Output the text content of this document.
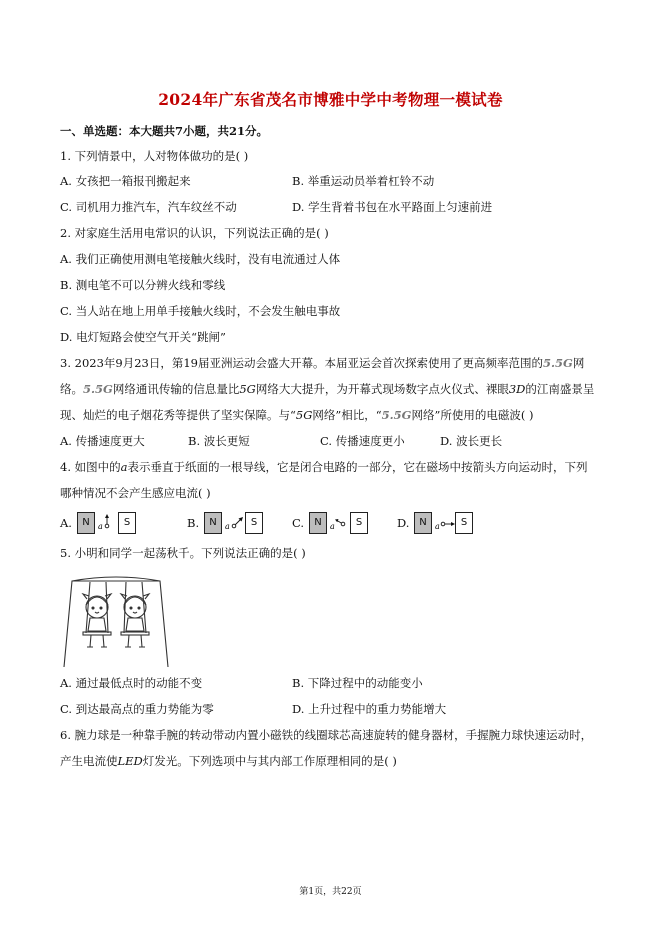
2024年广东省茂名市博雅中学中考物理一模试卷
一、单选题：本大题共7小题，共21分。
1. 下列情景中，人对物体做功的是( )
A. 女孩把一箱报刊搬起来	B. 举重运动员举着杠铃不动
C. 司机用力推汽车，汽车纹丝不动	D. 学生背着书包在水平路面上匀速前进
2. 对家庭生活用电常识的认识，下列说法正确的是( )
A. 我们正确使用测电笔接触火线时，没有电流通过人体
B. 测电笔不可以分辨火线和零线
C. 当人站在地上用单手接触火线时，不会发生触电事故
D. 电灯短路会使空气开关“跳闸”
3. 2023年9月23日，第19届亚洲运动会盛大开幕。本届亚运会首次探索使用了更高频率范围的5.5G网
络。5.5G网络通讯传输的信息量比5G网络大大提升，为开幕式现场数字点火仪式、裸眼3D的江南盛景呈
现、灿烂的电子烟花秀等提供了坚实保障。与“5G网络”相比，“5.5G网络”所使用的电磁波( )
A. 传播速度更大	B. 波长更短	C. 传播速度更小	D. 波长更长
4. 如图中的a表示垂直于纸面的一根导线，它是闭合电路的一部分，它在磁场中按箭头方向运动时，下列
哪种情况不会产生感应电流( )
A.	N	a	S	B.	N	a	S	C.	N	a	S	D. N	a	S
5. 小明和同学一起荡秋千。下列说法正确的是( )
A. 通过最低点时的动能不变	B. 下降过程中的动能变小
C. 到达最高点的重力势能为零	D. 上升过程中的重力势能增大
6. 腕力球是一种靠手腕的转动带动内置小磁铁的线圈球芯高速旋转的健身器材，手握腕力球快速运动时，
产生电流使LED灯发光。下列选项中与其内部工作原理相同的是( )
第1页，共22页
